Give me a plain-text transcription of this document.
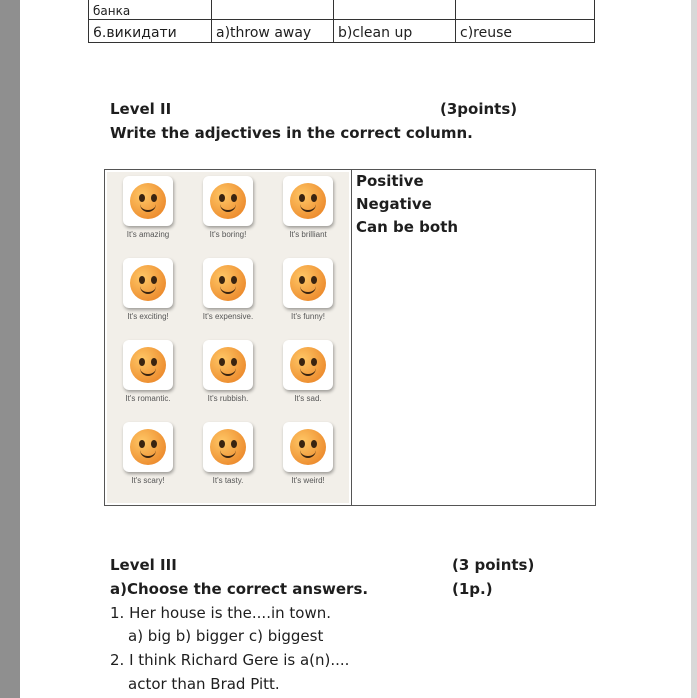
банка			
6.викидати	a)throw away	b)clean up	c)reuse
Level II	(3points)
Write the adjectives in the correct column.
It's amazing	It's boring!	It's brilliant
It's exciting!	It's expensive.	It's funny!
It's romantic.	It's rubbish.	It's sad.
It's scary!	It's tasty.	It's weird!
Positive
Negative
Can be both
Level III	(3 points)
a)Choose the correct answers.	(1p.)
1. Her house is the....in town.
a) big b) bigger c) biggest
2. I think Richard Gere is a(n)....
actor than Brad Pitt.
